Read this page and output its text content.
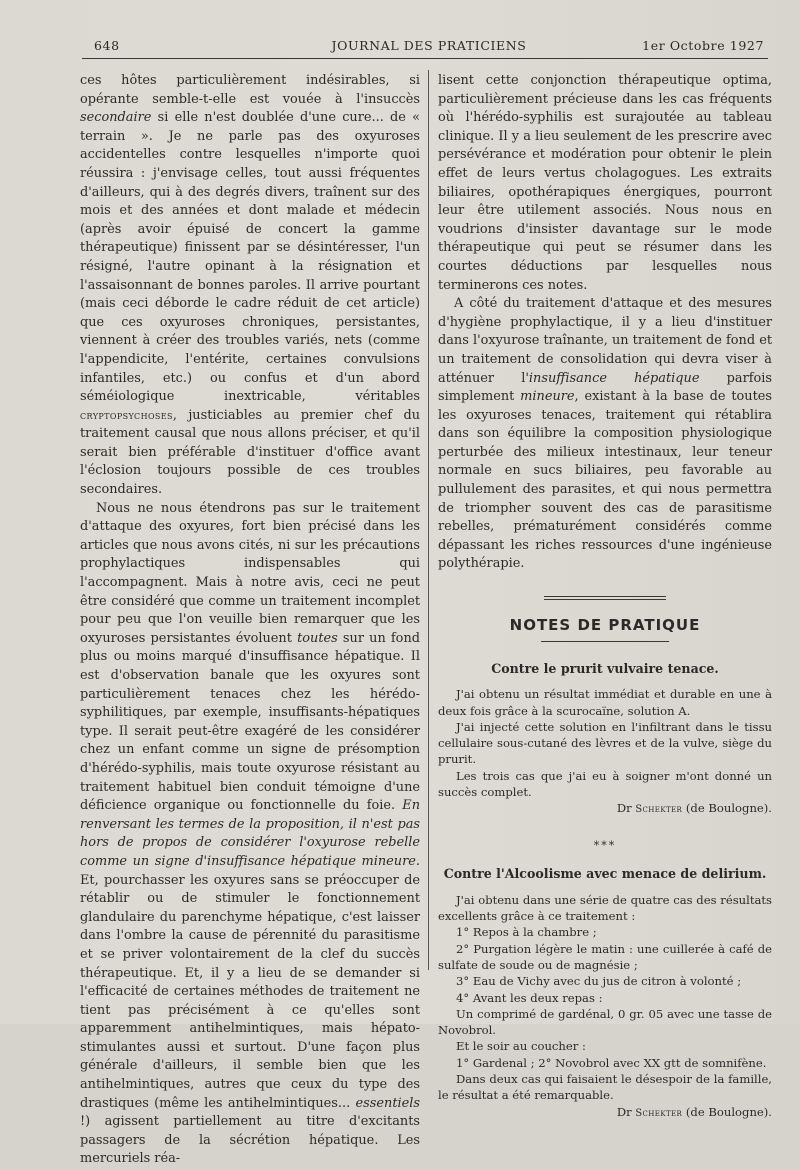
648	JOURNAL DES PRATICIENS	1er Octobre 1927

ces hôtes particulièrement indésirables, si opérante semble-t-elle est vouée à l'insuccès secondaire si elle n'est doublée d'une cure... de « terrain ». Je ne parle pas des oxyuroses accidentelles contre lesquelles n'importe quoi réussira : j'envisage celles, tout aussi fréquentes d'ailleurs, qui à des degrés divers, traînent sur des mois et des années et dont malade et médecin (après avoir épuisé de concert la gamme thérapeutique) finissent par se désintéresser, l'un résigné, l'autre opinant à la résignation et l'assaisonnant de bonnes paroles. Il arrive pourtant (mais ceci déborde le cadre réduit de cet article) que ces oxyuroses chroniques, persistantes, viennent à créer des troubles variés, nets (comme l'appendicite, l'entérite, certaines convulsions infantiles, etc.) ou confus et d'un abord séméiologique inextricable, véritables cryptopsychoses, justiciables au premier chef du traitement causal que nous allons préciser, et qu'il serait bien préférable d'instituer d'office avant l'éclosion toujours possible de ces troubles secondaires.

Nous ne nous étendrons pas sur le traitement d'attaque des oxyures, fort bien précisé dans les articles que nous avons cités, ni sur les précautions prophylactiques indispensables qui l'accompagnent. Mais à notre avis, ceci ne peut être considéré que comme un traitement incomplet pour peu que l'on veuille bien remarquer que les oxyuroses persistantes évoluent toutes sur un fond plus ou moins marqué d'insuffisance hépatique. Il est d'observation banale que les oxyures sont particulièrement tenaces chez les hérédo-syphilitiques, par exemple, insuffisants-hépatiques type. Il serait peut-être exagéré de les considérer chez un enfant comme un signe de présomption d'hérédo-syphilis, mais toute oxyurose résistant au traitement habituel bien conduit témoigne d'une déficience organique ou fonctionnelle du foie. En renversant les termes de la proposition, il n'est pas hors de propos de considérer l'oxyurose rebelle comme un signe d'insuffisance hépatique mineure. Et, pourchasser les oxyures sans se préoccuper de rétablir ou de stimuler le fonctionnement glandulaire du parenchyme hépatique, c'est laisser dans l'ombre la cause de pérennité du parasitisme et se priver volontairement de la clef du succès thérapeutique. Et, il y a lieu de se demander si l'efficacité de certaines méthodes de traitement ne tient pas précisément à ce qu'elles sont apparemment antihelmintiques, mais hépato-stimulantes aussi et surtout. D'une façon plus générale d'ailleurs, il semble bien que les antihelmintiques, autres que ceux du type des drastiques (même les antihelmintiques... essentiels !) agissent partiellement au titre d'excitants passagers de la sécrétion hépatique. Les mercuriels réa-

lisent cette conjonction thérapeutique optima, particulièrement précieuse dans les cas fréquents où l'hérédo-syphilis est surajoutée au tableau clinique. Il y a lieu seulement de les prescrire avec persévérance et modération pour obtenir le plein effet de leurs vertus cholagogues. Les extraits biliaires, opothérapiques énergiques, pourront leur être utilement associés. Nous nous en voudrions d'insister davantage sur le mode thérapeutique qui peut se résumer dans les courtes déductions par lesquelles nous terminerons ces notes.

A côté du traitement d'attaque et des mesures d'hygiène prophylactique, il y a lieu d'instituer dans l'oxyurose traînante, un traitement de fond et un traitement de consolidation qui devra viser à atténuer l'insuffisance hépatique parfois simplement mineure, existant à la base de toutes les oxyuroses tenaces, traitement qui rétablira dans son équilibre la composition physiologique perturbée des milieux intestinaux, leur teneur normale en sucs biliaires, peu favorable au pullulement des parasites, et qui nous permettra de triompher souvent des cas de parasitisme rebelles, prématurément considérés comme dépassant les riches ressources d'une ingénieuse polythérapie.

NOTES DE PRATIQUE
Contre le prurit vulvaire tenace.

J'ai obtenu un résultat immédiat et durable en une à deux fois grâce à la scurocaïne, solution A.

J'ai injecté cette solution en l'infiltrant dans le tissu cellulaire sous-cutané des lèvres et de la vulve, siège du prurit.

Les trois cas que j'ai eu à soigner m'ont donné un succès complet.

Dr Schekter (de Boulogne).

***
Contre l'Alcoolisme avec menace de delirium.

J'ai obtenu dans une série de quatre cas des résultats excellents grâce à ce traitement :

1° Repos à la chambre ;

2° Purgation légère le matin : une cuillerée à café de sulfate de soude ou de magnésie ;

3° Eau de Vichy avec du jus de citron à volonté ;

4° Avant les deux repas :

Un comprimé de gardénal, 0 gr. 05 avec une tasse de Novobrol.

Et le soir au coucher :

1° Gardenal ; 2° Novobrol avec XX gtt de somnifène.

Dans deux cas qui faisaient le désespoir de la famille, le résultat a été remarquable.

Dr Schekter (de Boulogne).
